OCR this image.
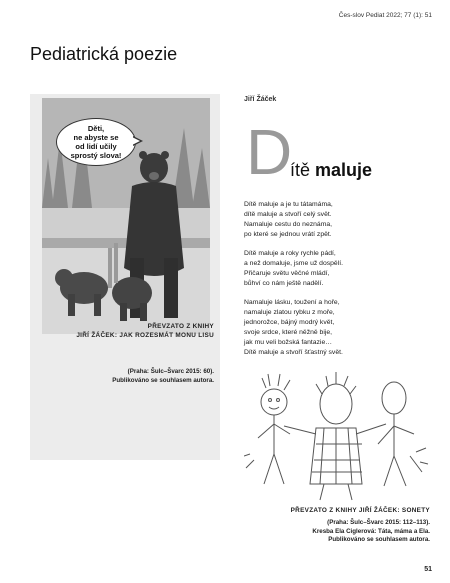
Čes-slov Pediat 2022; 77 (1): 51
Pediatrická poezie
Děti,
ne abyste se
od lidí učily
sprostý slova!
PŘEVZATO Z KNIHY
JIŘÍ ŽÁČEK: JAK ROZESMÁT MONU LISU
(Praha: Šulc–Švarc 2015: 60).
Publikováno se souhlasem autora.
Jiří Žáček
D
ítě maluje
Dítě maluje a je tu tátamáma,
dítě maluje a stvoří celý svět.
Namaluje cestu do neznáma,
po které se jednou vrátí zpět.
Dítě maluje a roky rychle pádí,
a než domaluje, jsme už dospělí.
Přičaruje světu věčné mládí,
bůhví co nám ještě nadělí.
Namaluje lásku, toužení a hoře,
namaluje zlatou rybku z moře,
jednorožce, bájný modrý květ,
svoje srdce, které něžně bije,
jak mu veli božská fantazie…
Dítě maluje a stvoří šťastný svět.
PŘEVZATO Z KNIHY JIŘÍ ŽÁČEK: SONETY
(Praha: Šulc–Švarc 2015: 112–113).
Kresba Ela Ciglerová: Táta, máma a Ela.
Publikováno se souhlasem autora.
51
